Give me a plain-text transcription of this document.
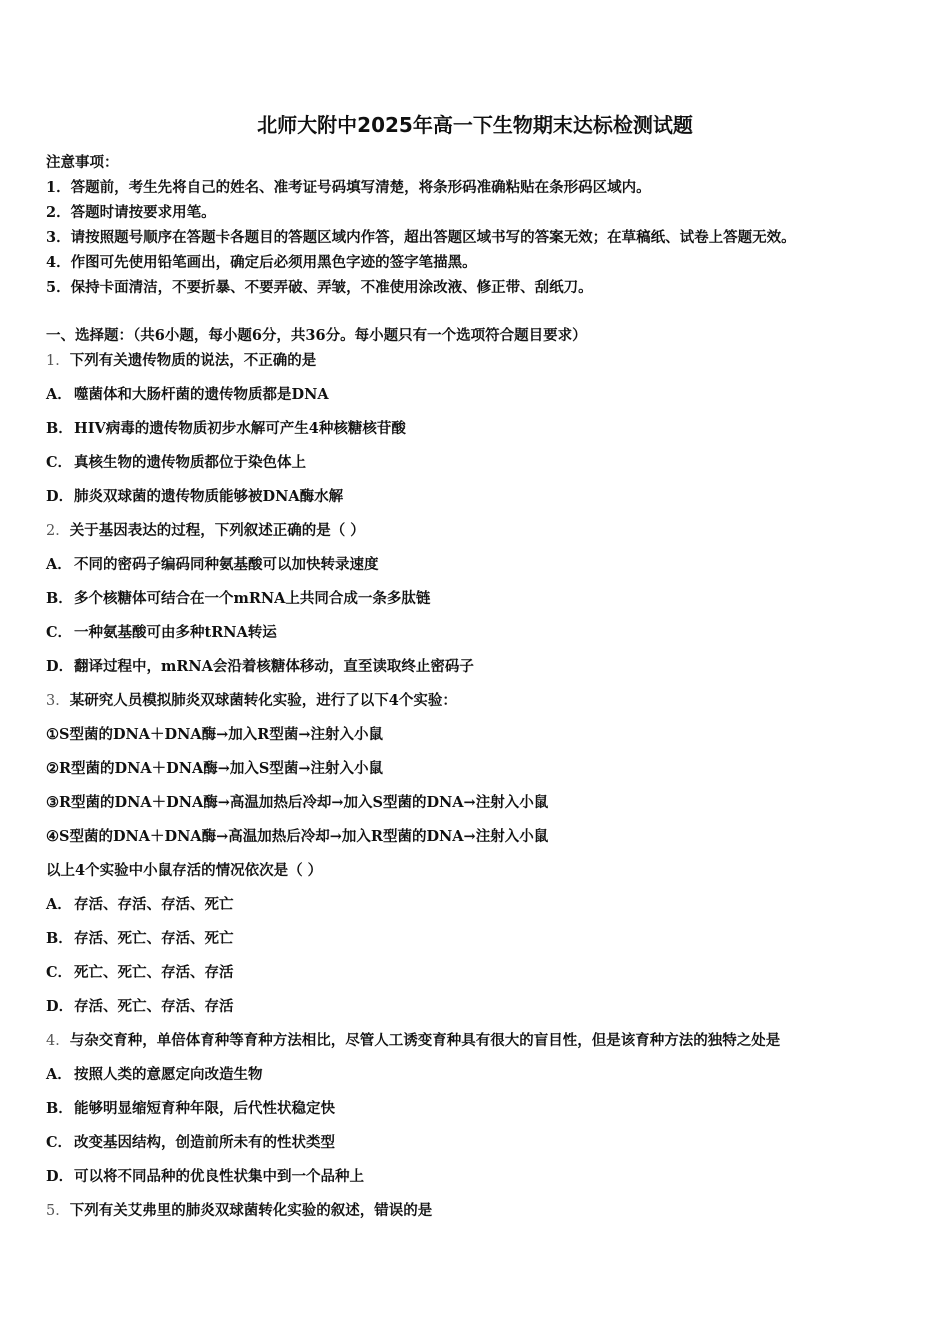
北师大附中2025年高一下生物期末达标检测试题
注意事项：
1．答题前，考生先将自己的姓名、准考证号码填写清楚，将条形码准确粘贴在条形码区域内。
2．答题时请按要求用笔。
3．请按照题号顺序在答题卡各题目的答题区域内作答，超出答题区域书写的答案无效；在草稿纸、试卷上答题无效。
4．作图可先使用铅笔画出，确定后必须用黑色字迹的签字笔描黑。
5．保持卡面清洁，不要折暴、不要弄破、弄皱，不准使用涂改液、修正带、刮纸刀。
一、选择题：（共6小题，每小题6分，共36分。每小题只有一个选项符合题目要求）
1．下列有关遗传物质的说法，不正确的是
A． 噬菌体和大肠杆菌的遗传物质都是DNA
B．HIV病毒的遗传物质初步水解可产生4种核糖核苷酸
C． 真核生物的遗传物质都位于染色体上
D．肺炎双球菌的遗传物质能够被DNA酶水解
2．关于基因表达的过程，下列叙述正确的是（ ）
A． 不同的密码子编码同种氨基酸可以加快转录速度
B．多个核糖体可结合在一个mRNA上共同合成一条多肽链
C． 一种氨基酸可由多种tRNA转运
D．翻译过程中，mRNA会沿着核糖体移动，直至读取终止密码子
3．某研究人员模拟肺炎双球菌转化实验，进行了以下4个实验：
①S型菌的DNA＋DNA酶→加入R型菌→注射入小鼠
②R型菌的DNA＋DNA酶→加入S型菌→注射入小鼠
③R型菌的DNA＋DNA酶→高温加热后冷却→加入S型菌的DNA→注射入小鼠
④S型菌的DNA＋DNA酶→高温加热后冷却→加入R型菌的DNA→注射入小鼠
以上4个实验中小鼠存活的情况依次是（ ）
A． 存活、存活、存活、死亡
B．存活、死亡、存活、死亡
C． 死亡、死亡、存活、存活
D．存活、死亡、存活、存活
4．与杂交育种，单倍体育种等育种方法相比，尽管人工诱变育种具有很大的盲目性，但是该育种方法的独特之处是
A． 按照人类的意愿定向改造生物
B．能够明显缩短育种年限，后代性状稳定快
C． 改变基因结构，创造前所未有的性状类型
D．可以将不同品种的优良性状集中到一个品种上
5．下列有关艾弗里的肺炎双球菌转化实验的叙述，错误的是
